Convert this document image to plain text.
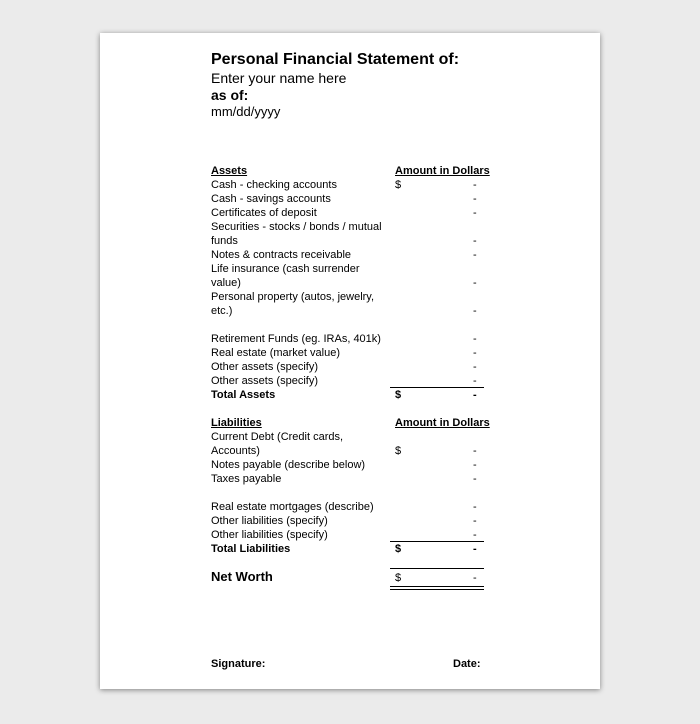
Personal Financial Statement of:
Enter your name here
as of:
mm/dd/yyyy
Assets	Amount in Dollars
Cash - checking accounts	$	-
Cash - savings accounts	-
Certificates of deposit	-
Securities - stocks / bonds / mutual
funds	-
Notes & contracts receivable	-
Life insurance (cash surrender
value)	-
Personal property (autos, jewelry,
etc.)	-
Retirement Funds (eg. IRAs, 401k)	-
Real estate (market value)	-
Other assets (specify)	-
Other assets (specify)	-
Total Assets	$	-
Liabilities	Amount in Dollars
Current Debt (Credit cards,
Accounts)	$	-
Notes payable (describe below)	-
Taxes payable	-
Real estate mortgages (describe)	-
Other liabilities (specify)	-
Other liabilities (specify)	-
Total Liabilities	$	-
Net Worth	$	-
Signature:	Date:
